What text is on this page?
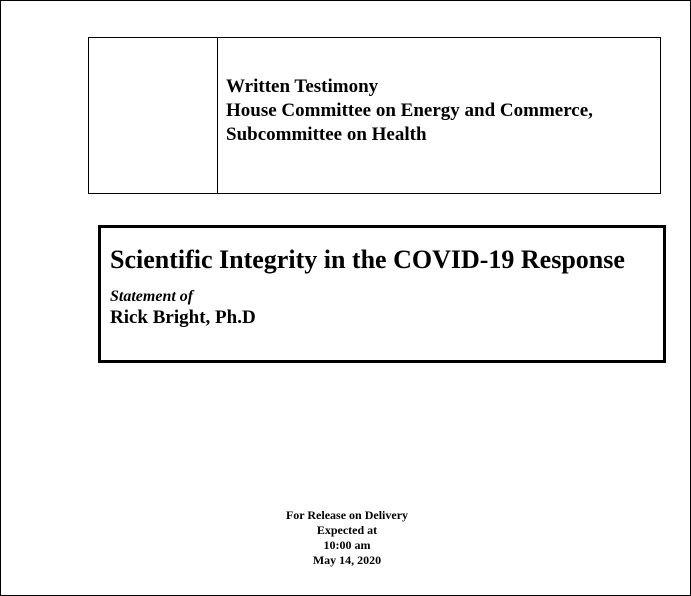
Written Testimony
House Committee on Energy and Commerce,
Subcommittee on Health
Scientific Integrity in the COVID-19 Response
Statement of
Rick Bright, Ph.D
For Release on Delivery
Expected at
10:00 am
May 14, 2020
